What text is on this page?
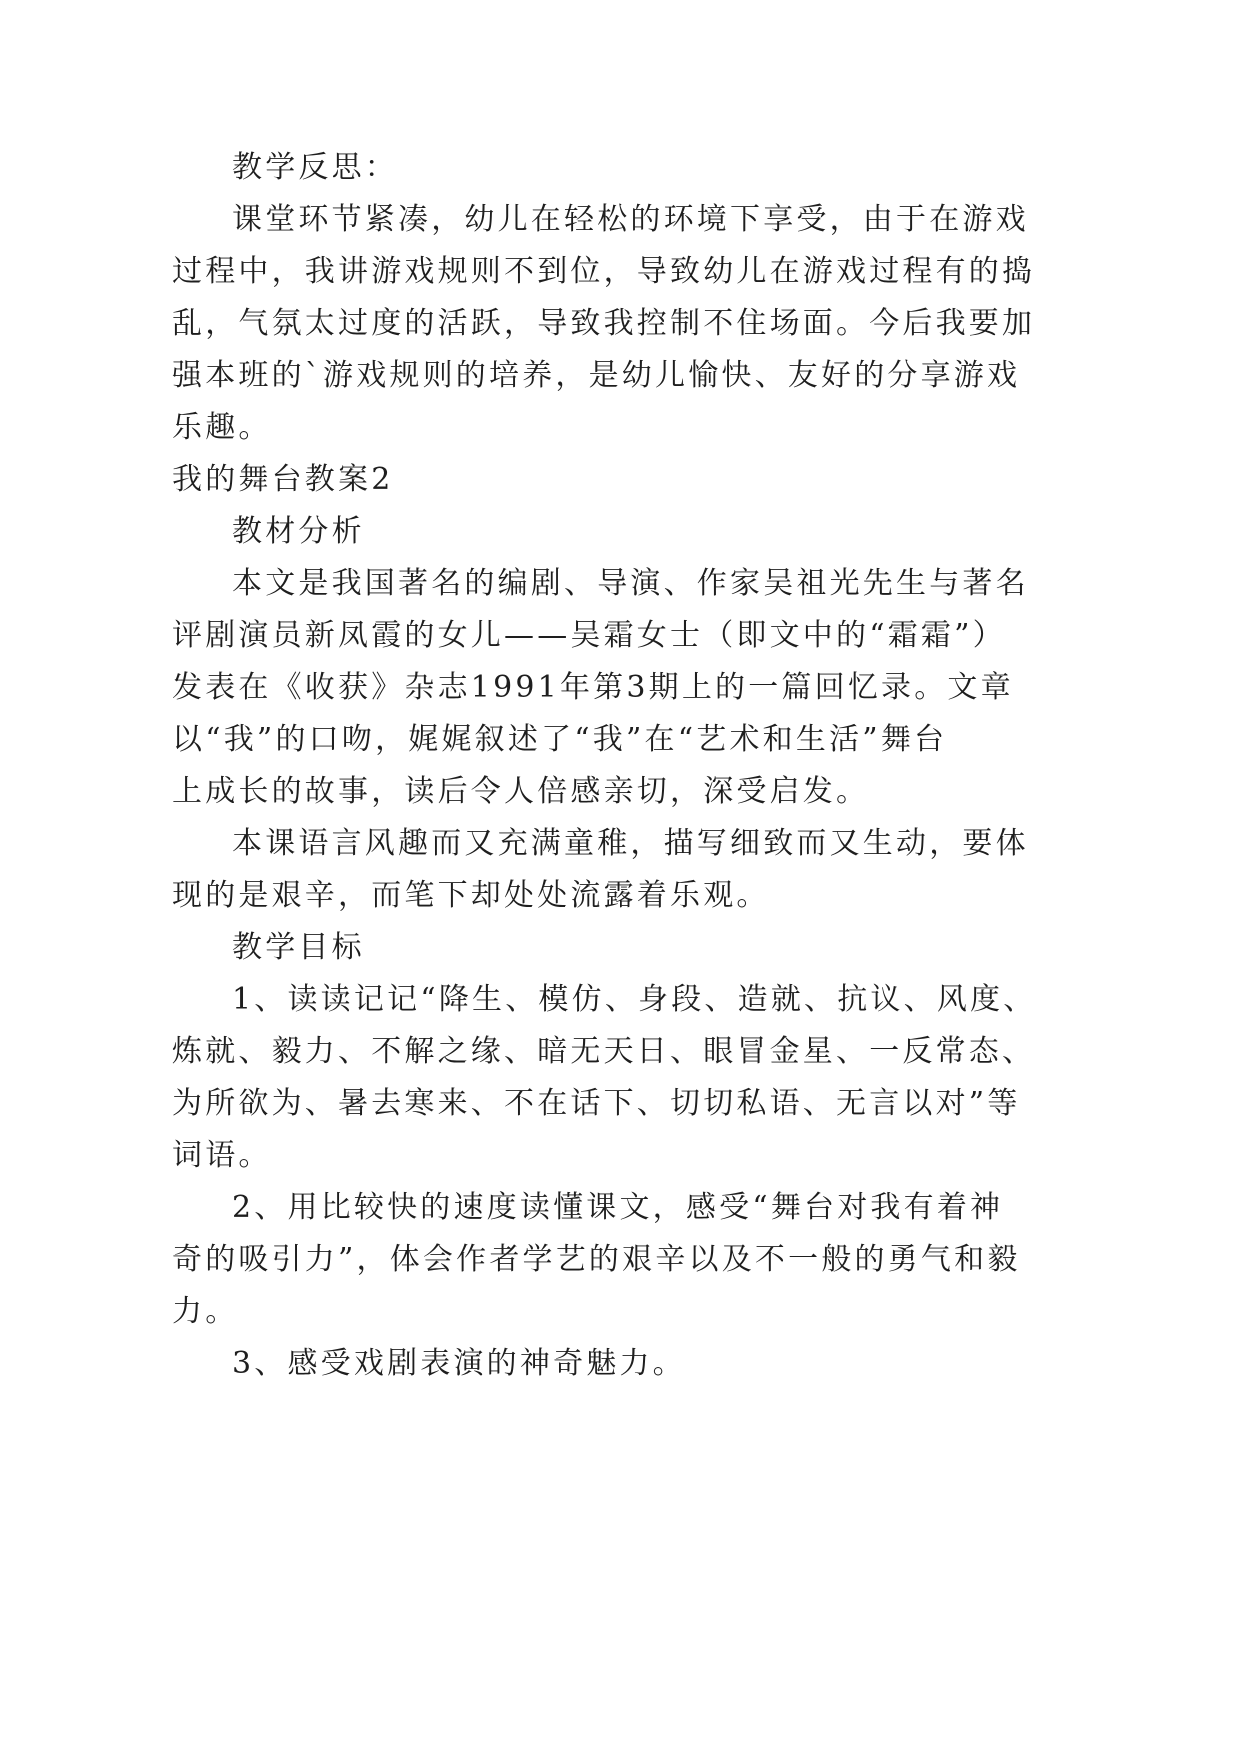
教学反思：
课堂环节紧凑，幼儿在轻松的环境下享受，由于在游戏
过程中，我讲游戏规则不到位，导致幼儿在游戏过程有的捣
乱，气氛太过度的活跃，导致我控制不住场面。今后我要加
强本班的`游戏规则的培养，是幼儿愉快、友好的分享游戏
乐趣。
我的舞台教案2
教材分析
本文是我国著名的编剧、导演、作家吴祖光先生与著名
评剧演员新凤霞的女儿——吴霜女士（即文中的“霜霜”）
发表在《收获》杂志1991年第3期上的一篇回忆录。文章
以“我”的口吻，娓娓叙述了“我”在“艺术和生活”舞台
上成长的故事，读后令人倍感亲切，深受启发。
本课语言风趣而又充满童稚，描写细致而又生动，要体
现的是艰辛，而笔下却处处流露着乐观。
教学目标
1、读读记记“降生、模仿、身段、造就、抗议、风度、
炼就、毅力、不解之缘、暗无天日、眼冒金星、一反常态、
为所欲为、暑去寒来、不在话下、切切私语、无言以对”等
词语。
2、用比较快的速度读懂课文，感受“舞台对我有着神
奇的吸引力”，体会作者学艺的艰辛以及不一般的勇气和毅
力。
3、感受戏剧表演的神奇魅力。
